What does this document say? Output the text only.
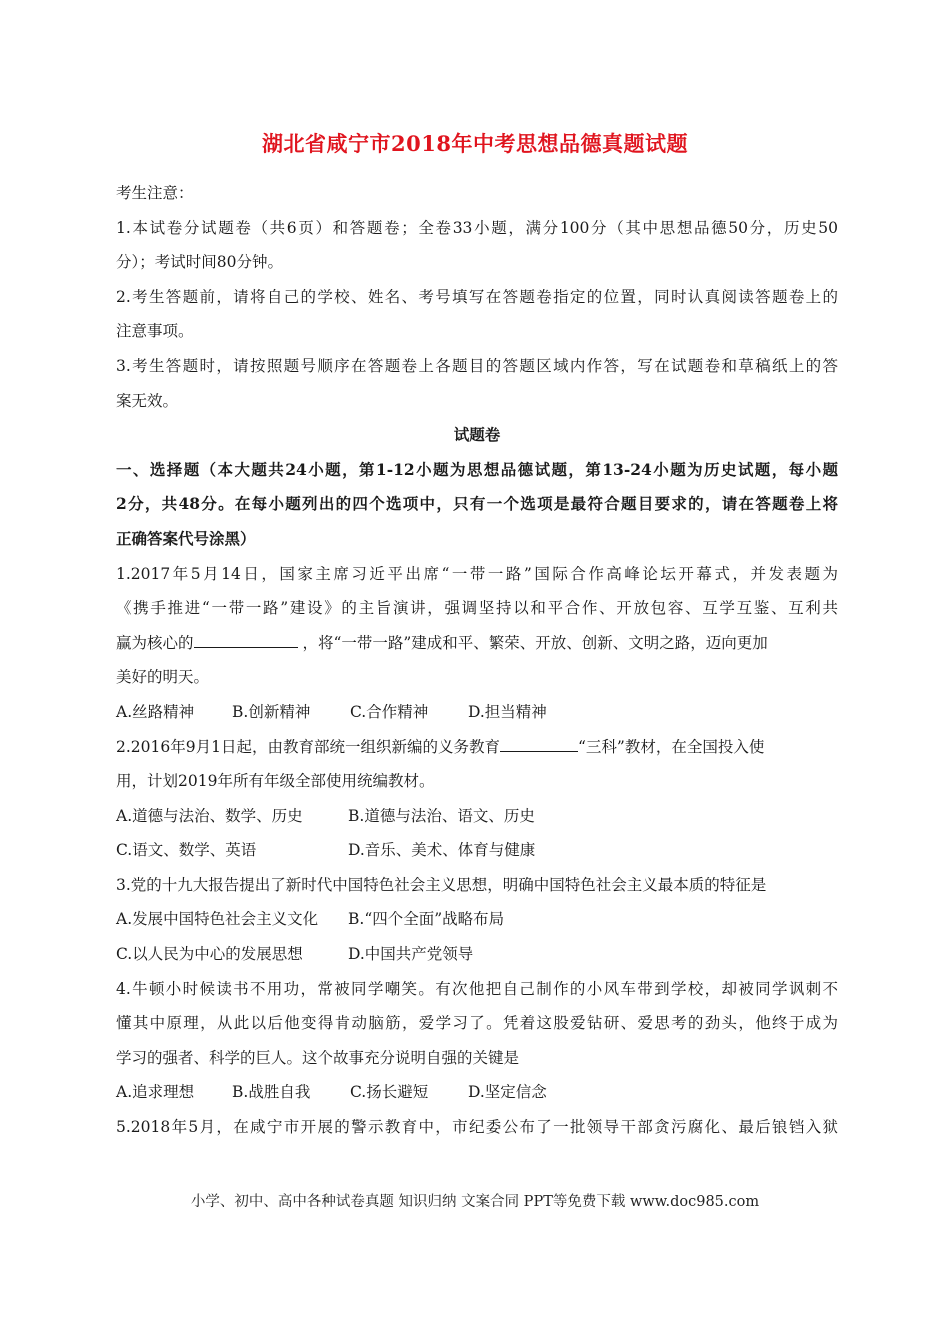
湖北省咸宁市2018年中考思想品德真题试题
考生注意：
1.本试卷分试题卷（共6页）和答题卷；全卷33小题，满分100分（其中思想品德50分，历史50
分）；考试时间80分钟。
2.考生答题前，请将自己的学校、姓名、考号填写在答题卷指定的位置，同时认真阅读答题卷上的
注意事项。
3.考生答题时，请按照题号顺序在答题卷上各题目的答题区域内作答，写在试题卷和草稿纸上的答
案无效。
试题卷
一、选择题（本大题共24小题，第1-12小题为思想品德试题，第13-24小题为历史试题，每小题
2分，共48分。在每小题列出的四个选项中，只有一个选项是最符合题目要求的，请在答题卷上将
正确答案代号涂黑）
1.2017年5月14日，国家主席习近平出席“一带一路”国际合作高峰论坛开幕式，并发表题为
《携手推进“一带一路”建设》的主旨演讲，强调坚持以和平合作、开放包容、互学互鉴、互利共
赢为核心的	，将“一带一路”建成和平、繁荣、开放、创新、文明之路，迈向更加
美好的明天。
A.丝路精神 B.创新精神	C.合作精神	D.担当精神
2.2016年9月1日起，由教育部统一组织新编的义务教育	“三科”教材，在全国投入使
用，计划2019年所有年级全部使用统编教材。
A.道德与法治、数学、历史	B.道德与法治、语文、历史
C.语文、数学、英语	D.音乐、美术、体育与健康
3.党的十九大报告提出了新时代中国特色社会主义思想，明确中国特色社会主义最本质的特征是
A.发展中国特色社会主义文化 B.“四个全面”战略布局
C.以人民为中心的发展思想	D.中国共产党领导
4.牛顿小时候读书不用功，常被同学嘲笑。有次他把自己制作的小风车带到学校，却被同学讽刺不
懂其中原理，从此以后他变得肯动脑筋，爱学习了。凭着这股爱钻研、爱思考的劲头，他终于成为
学习的强者、科学的巨人。这个故事充分说明自强的关键是
A.追求理想 B.战胜自我	C.扬长避短	D.坚定信念
5.2018年5月，在咸宁市开展的警示教育中，市纪委公布了一批领导干部贪污腐化、最后锒铛入狱
小学、初中、高中各种试卷真题 知识归纳 文案合同 PPT等免费下载 www.doc985.com
